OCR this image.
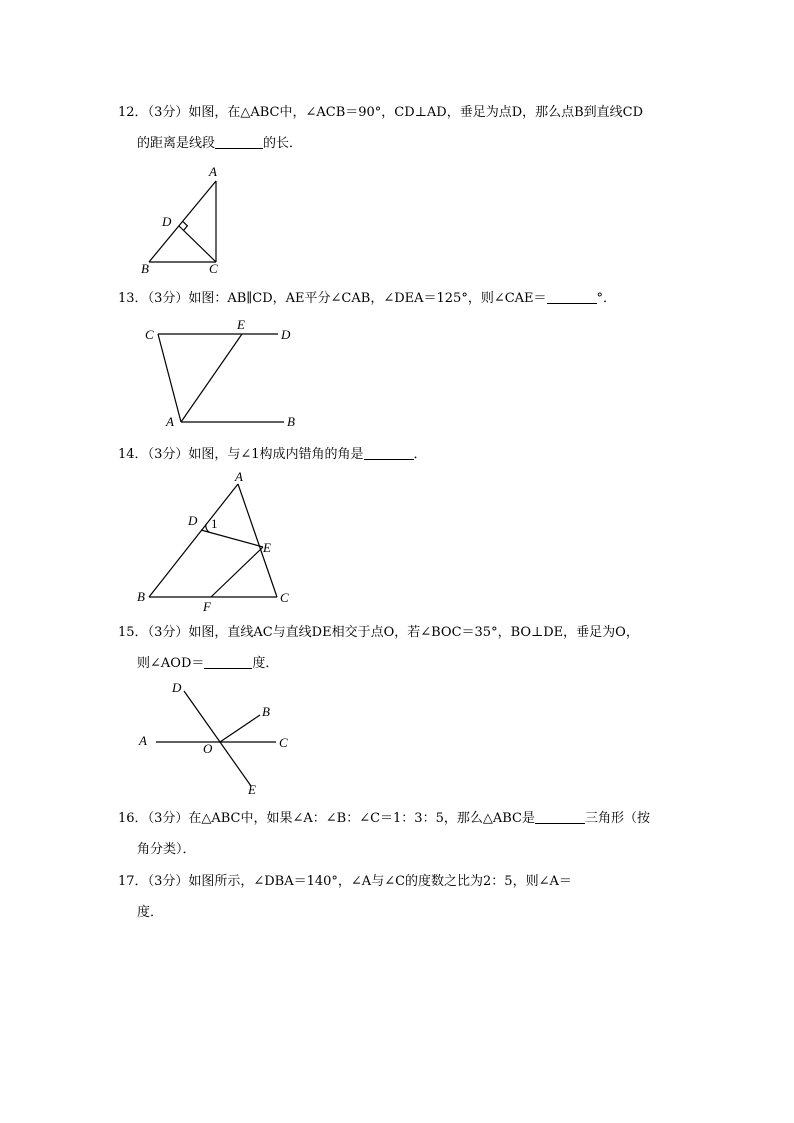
12．（3分）如图，在△ABC中，∠ACB＝90°，CD⊥AD，垂足为点D，那么点B到直线CD
的距离是线段	的长．
A
D
B	C
13．（3分）如图：AB∥CD，AE平分∠CAB，∠DEA＝125°，则∠CAE＝	°．
C
E
D
A	B
14．（3分）如图，与∠1构成内错角的角是	．
A
D 1
E
B
F
C
15．（3分）如图，直线AC与直线DE相交于点O，若∠BOC＝35°，BO⊥DE，垂足为O，
则∠AOD＝	度．
D
B
A
O	C
E
16．（3分）在△ABC中，如果∠A：∠B：∠C＝1：3：5，那么△ABC是	三角形（按
角分类）．
17．（3分）如图所示，∠DBA＝140°，∠A与∠C的度数之比为2：5，则∠A＝
度．
